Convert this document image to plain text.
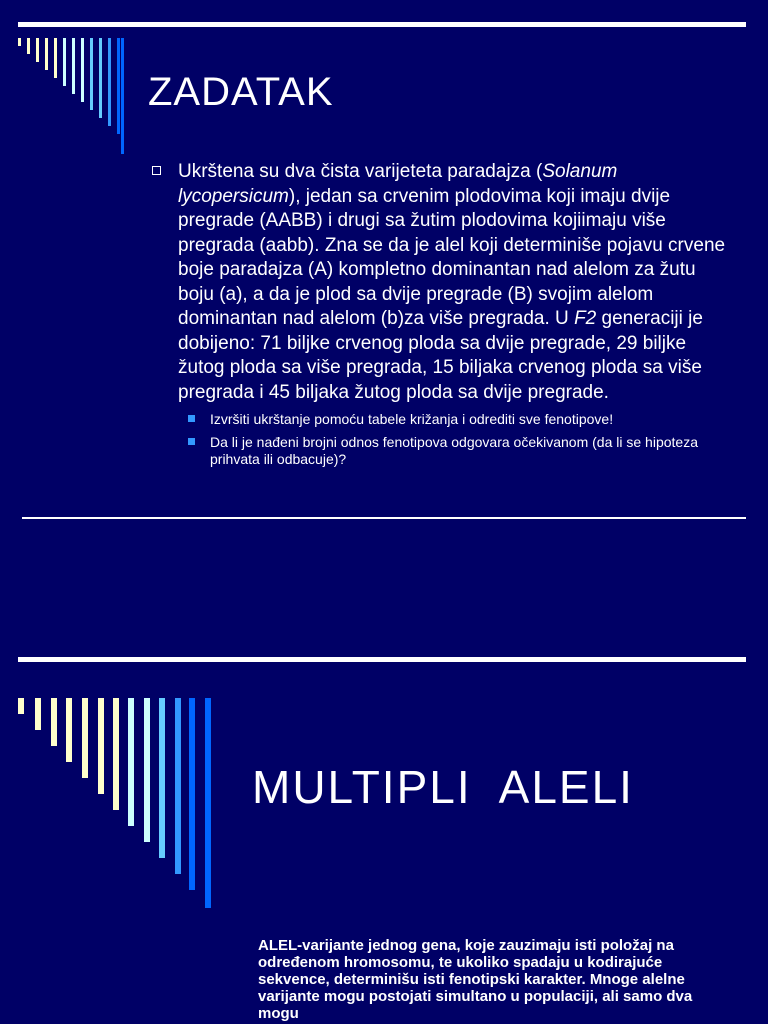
ZADATAK
Ukrštena su dva čista varijeteta paradajza (Solanum lycopersicum), jedan sa crvenim plodovima koji imaju dvije pregrade (AABB) i drugi sa žutim plodovima kojiimaju više pregrada (aabb). Zna se da je alel koji determiniše pojavu crvene boje paradajza (A) kompletno dominantan nad alelom za žutu boju (a), a da je plod sa dvije pregrade (B) svojim alelom dominantan nad alelom (b)za više pregrada. U F2 generaciji je dobijeno: 71 biljke crvenog ploda sa dvije pregrade, 29 biljke žutog ploda sa više pregrada, 15 biljaka crvenog ploda sa više pregrada i 45 biljaka žutog ploda sa dvije pregrade.
Izvršiti ukrštanje pomoću tabele križanja i odrediti sve fenotipove!
Da li je nađeni brojni odnos fenotipova odgovara očekivanom (da li se hipoteza prihvata ili odbacuje)?
MULTIPLI  ALELI
ALEL-varijante jednog gena, koje zauzimaju isti položaj na određenom hromosomu, te ukoliko spadaju u kodirajuće sekvence, determinišu isti fenotipski karakter. Mnoge alelne varijante mogu postojati simultano u populaciji, ali samo dva mogu
